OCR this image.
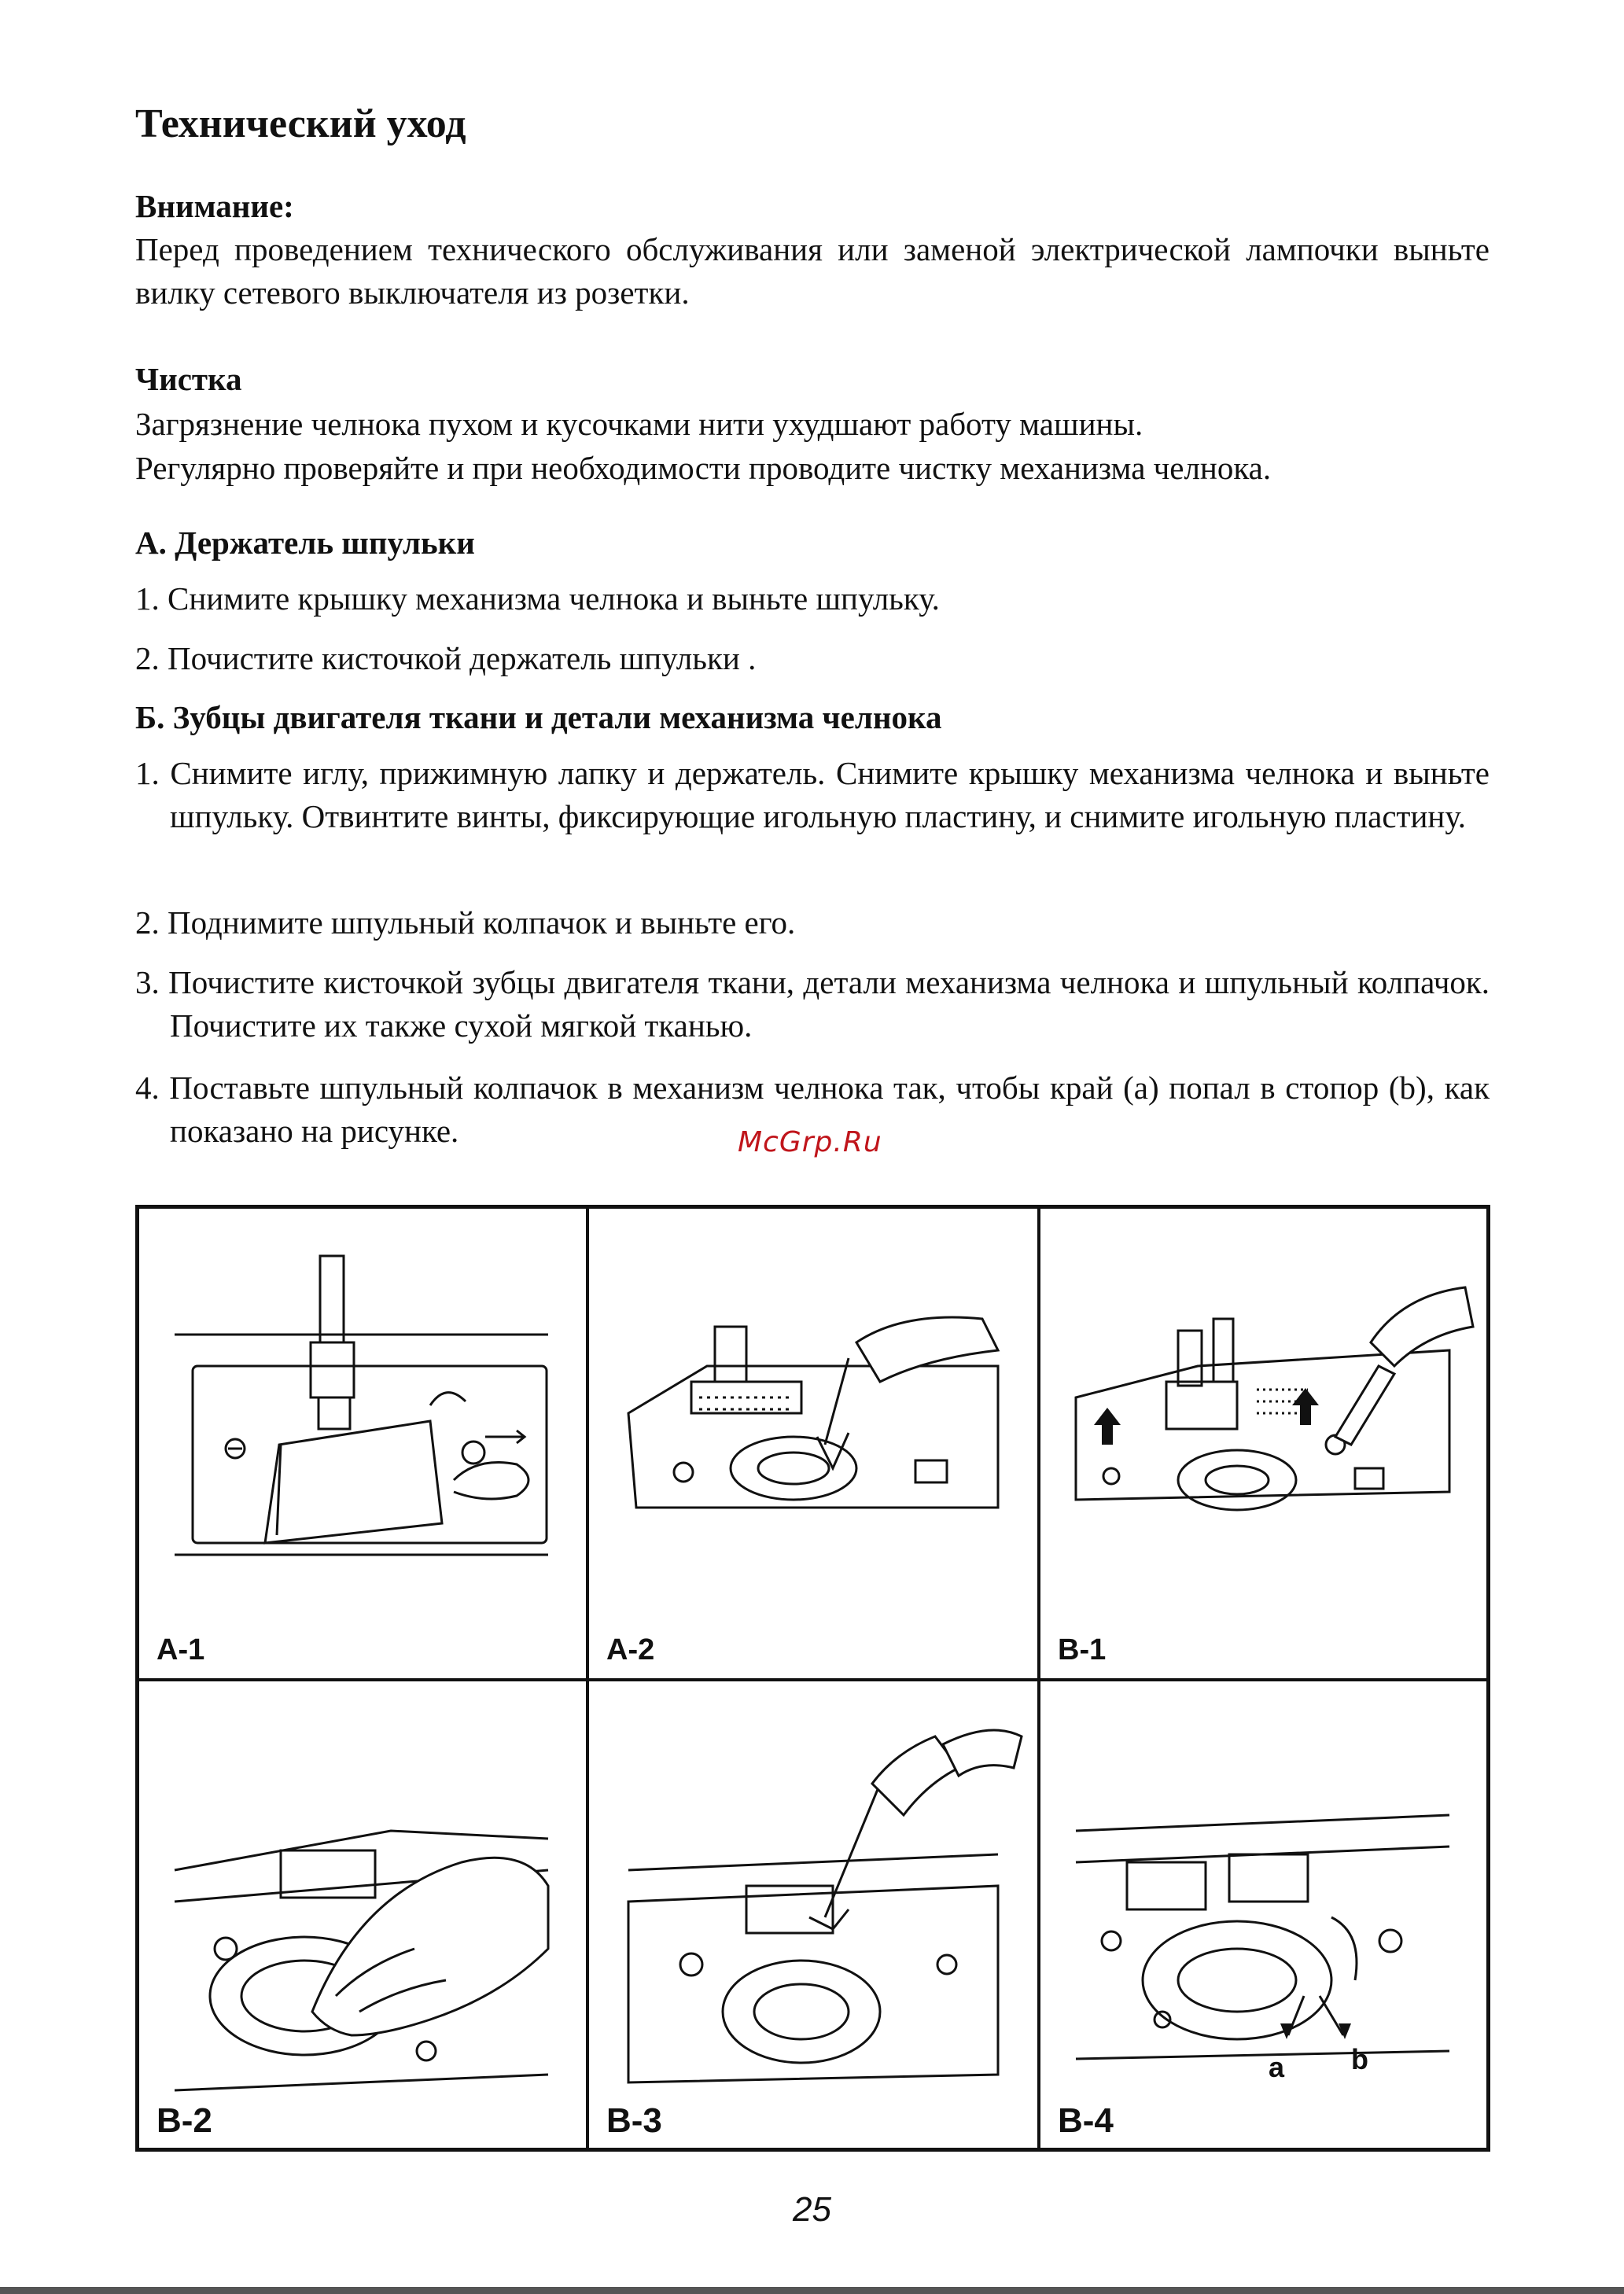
Технический уход

Внимание:

Перед проведением технического обслуживания или заменой электрической лампочки выньте вилку сетевого выключателя из розетки.

Чистка

Загрязнение челнока пухом и кусочками нити ухудшают работу машины.

Регулярно проверяйте и при необходимости проводите чистку механизма челнока.

А. Держатель шпульки

1. Снимите крышку механизма челнока и выньте шпульку.

2. Почистите кисточкой держатель шпульки .

Б. Зубцы двигателя ткани и детали механизма челнока

1. Снимите иглу, прижимную лапку и держатель. Снимите крышку механизма челнока и выньте шпульку. Отвинтите винты, фиксирующие игольную пластину, и снимите игольную пластину.

2. Поднимите шпульный колпачок и выньте его.

3. Почистите кисточкой зубцы двигателя ткани, детали механизма челнока и шпульный колпачок. Почистите их также сухой мягкой тканью.

4. Поставьте шпульный колпачок в механизм челнока так, чтобы край (a) попал в стопор (b), как показано на рисунке.	McGrp.Ru
A-1	A-2	B-1
B-2	B-3
a b
B-4
25
